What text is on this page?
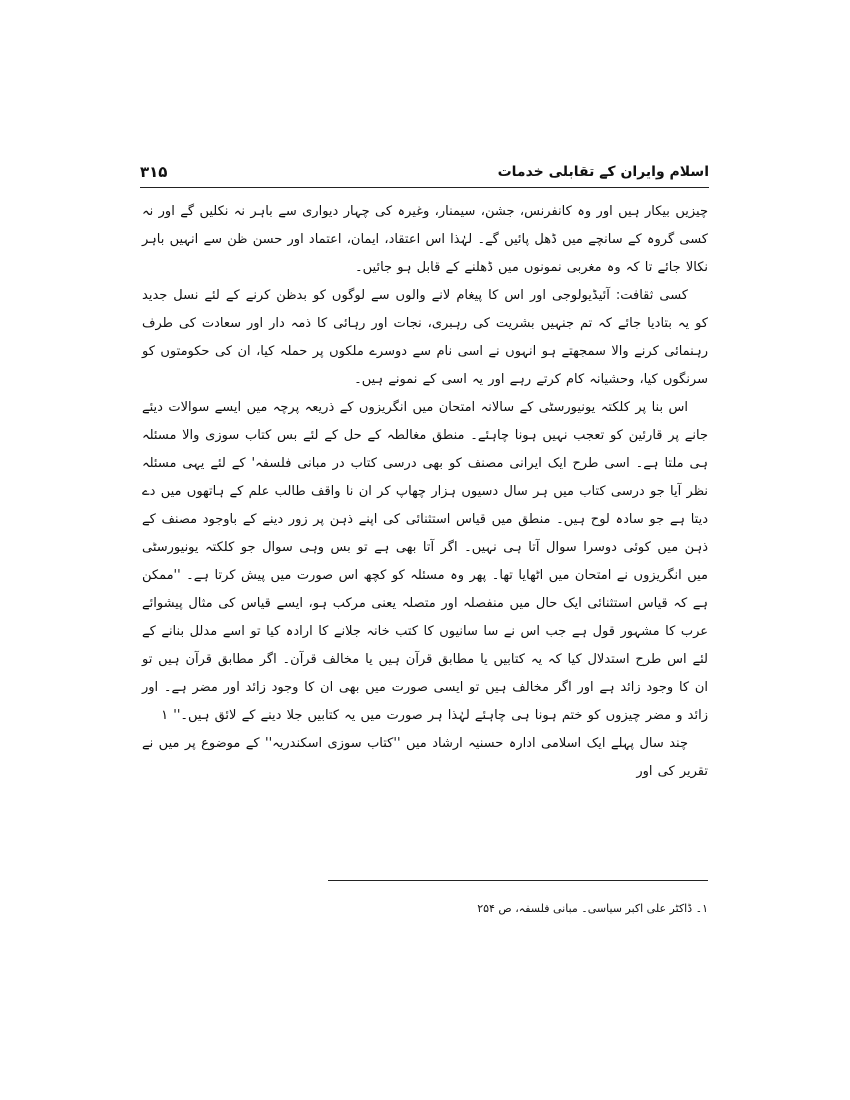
اسلام وایران کے تقابلی خدمات
۳۱۵

چیزیں بیکار ہیں اور وہ کانفرنس، جشن، سیمنار، وغیرہ کی چہار دیواری سے باہر نہ نکلیں گے اور نہ کسی گروہ کے سانچے میں ڈھل پائیں گے۔ لہٰذا اس اعتقاد، ایمان، اعتماد اور حسن ظن سے انہیں باہر نکالا جائے تا کہ وہ مغربی نمونوں میں ڈھلنے کے قابل ہو جائیں۔

کسی ثقافت: آئیڈیولوجی اور اس کا پیغام لانے والوں سے لوگوں کو بدظن کرنے کے لئے نسل جدید کو یہ بتادیا جائے کہ تم جنہیں بشریت کی رہبری، نجات اور رہائی کا ذمہ دار اور سعادت کی طرف رہنمائی کرنے والا سمجھتے ہو انہوں نے اسی نام سے دوسرے ملکوں پر حملہ کیا، ان کی حکومتوں کو سرنگوں کیا، وحشیانہ کام کرتے رہے اور یہ اسی کے نمونے ہیں۔

اس بنا پر کلکتہ یونیورسٹی کے سالانہ امتحان میں انگریزوں کے ذریعہ پرچہ میں ایسے سوالات دیئے جانے پر قارئین کو تعجب نہیں ہونا چاہئے۔ منطق مغالطہ کے حل کے لئے بس کتاب سوزی والا مسئلہ ہی ملتا ہے۔ اسی طرح ایک ایرانی مصنف کو بھی درسی کتاب در مبانی فلسفہ' کے لئے یہی مسئلہ نظر آیا جو درسی کتاب میں ہر سال دسیوں ہزار چھاپ کر ان نا واقف طالب علم کے ہاتھوں میں دے دیتا ہے جو سادہ لوح ہیں۔ منطق میں قیاس استثنائی کی اپنے ذہن پر زور دینے کے باوجود مصنف کے ذہن میں کوئی دوسرا سوال آتا ہی نہیں۔ اگر آتا بھی ہے تو بس وہی سوال جو کلکتہ یونیورسٹی میں انگریزوں نے امتحان میں اٹھایا تھا۔ پھر وہ مسئلہ کو کچھ اس صورت میں پیش کرتا ہے۔ ''ممکن ہے کہ قیاس استثنائی ایک حال میں منفصلہ اور متصلہ یعنی مرکب ہو، ایسے قیاس کی مثال پیشوائے عرب کا مشہور قول ہے جب اس نے سا سانیوں کا کتب خانہ جلانے کا ارادہ کیا تو اسے مدلل بنانے کے لئے اس طرح استدلال کیا کہ یہ کتابیں یا مطابق قرآن ہیں یا مخالف قرآن۔ اگر مطابق قرآن ہیں تو ان کا وجود زائد ہے اور اگر مخالف ہیں تو ایسی صورت میں بھی ان کا وجود زائد اور مضر ہے۔ اور زائد و مضر چیزوں کو ختم ہونا ہی چاہئے لہٰذا ہر صورت میں یہ کتابیں جلا دینے کے لائق ہیں۔'' ۱

چند سال پہلے ایک اسلامی ادارہ حسنیہ ارشاد میں ''کتاب سوزی اسکندریہ'' کے موضوع پر میں نے تقریر کی اور

۱۔ ڈاکٹر علی اکبر سیاسی۔ مبانی فلسفہ، ص ۲۵۴
